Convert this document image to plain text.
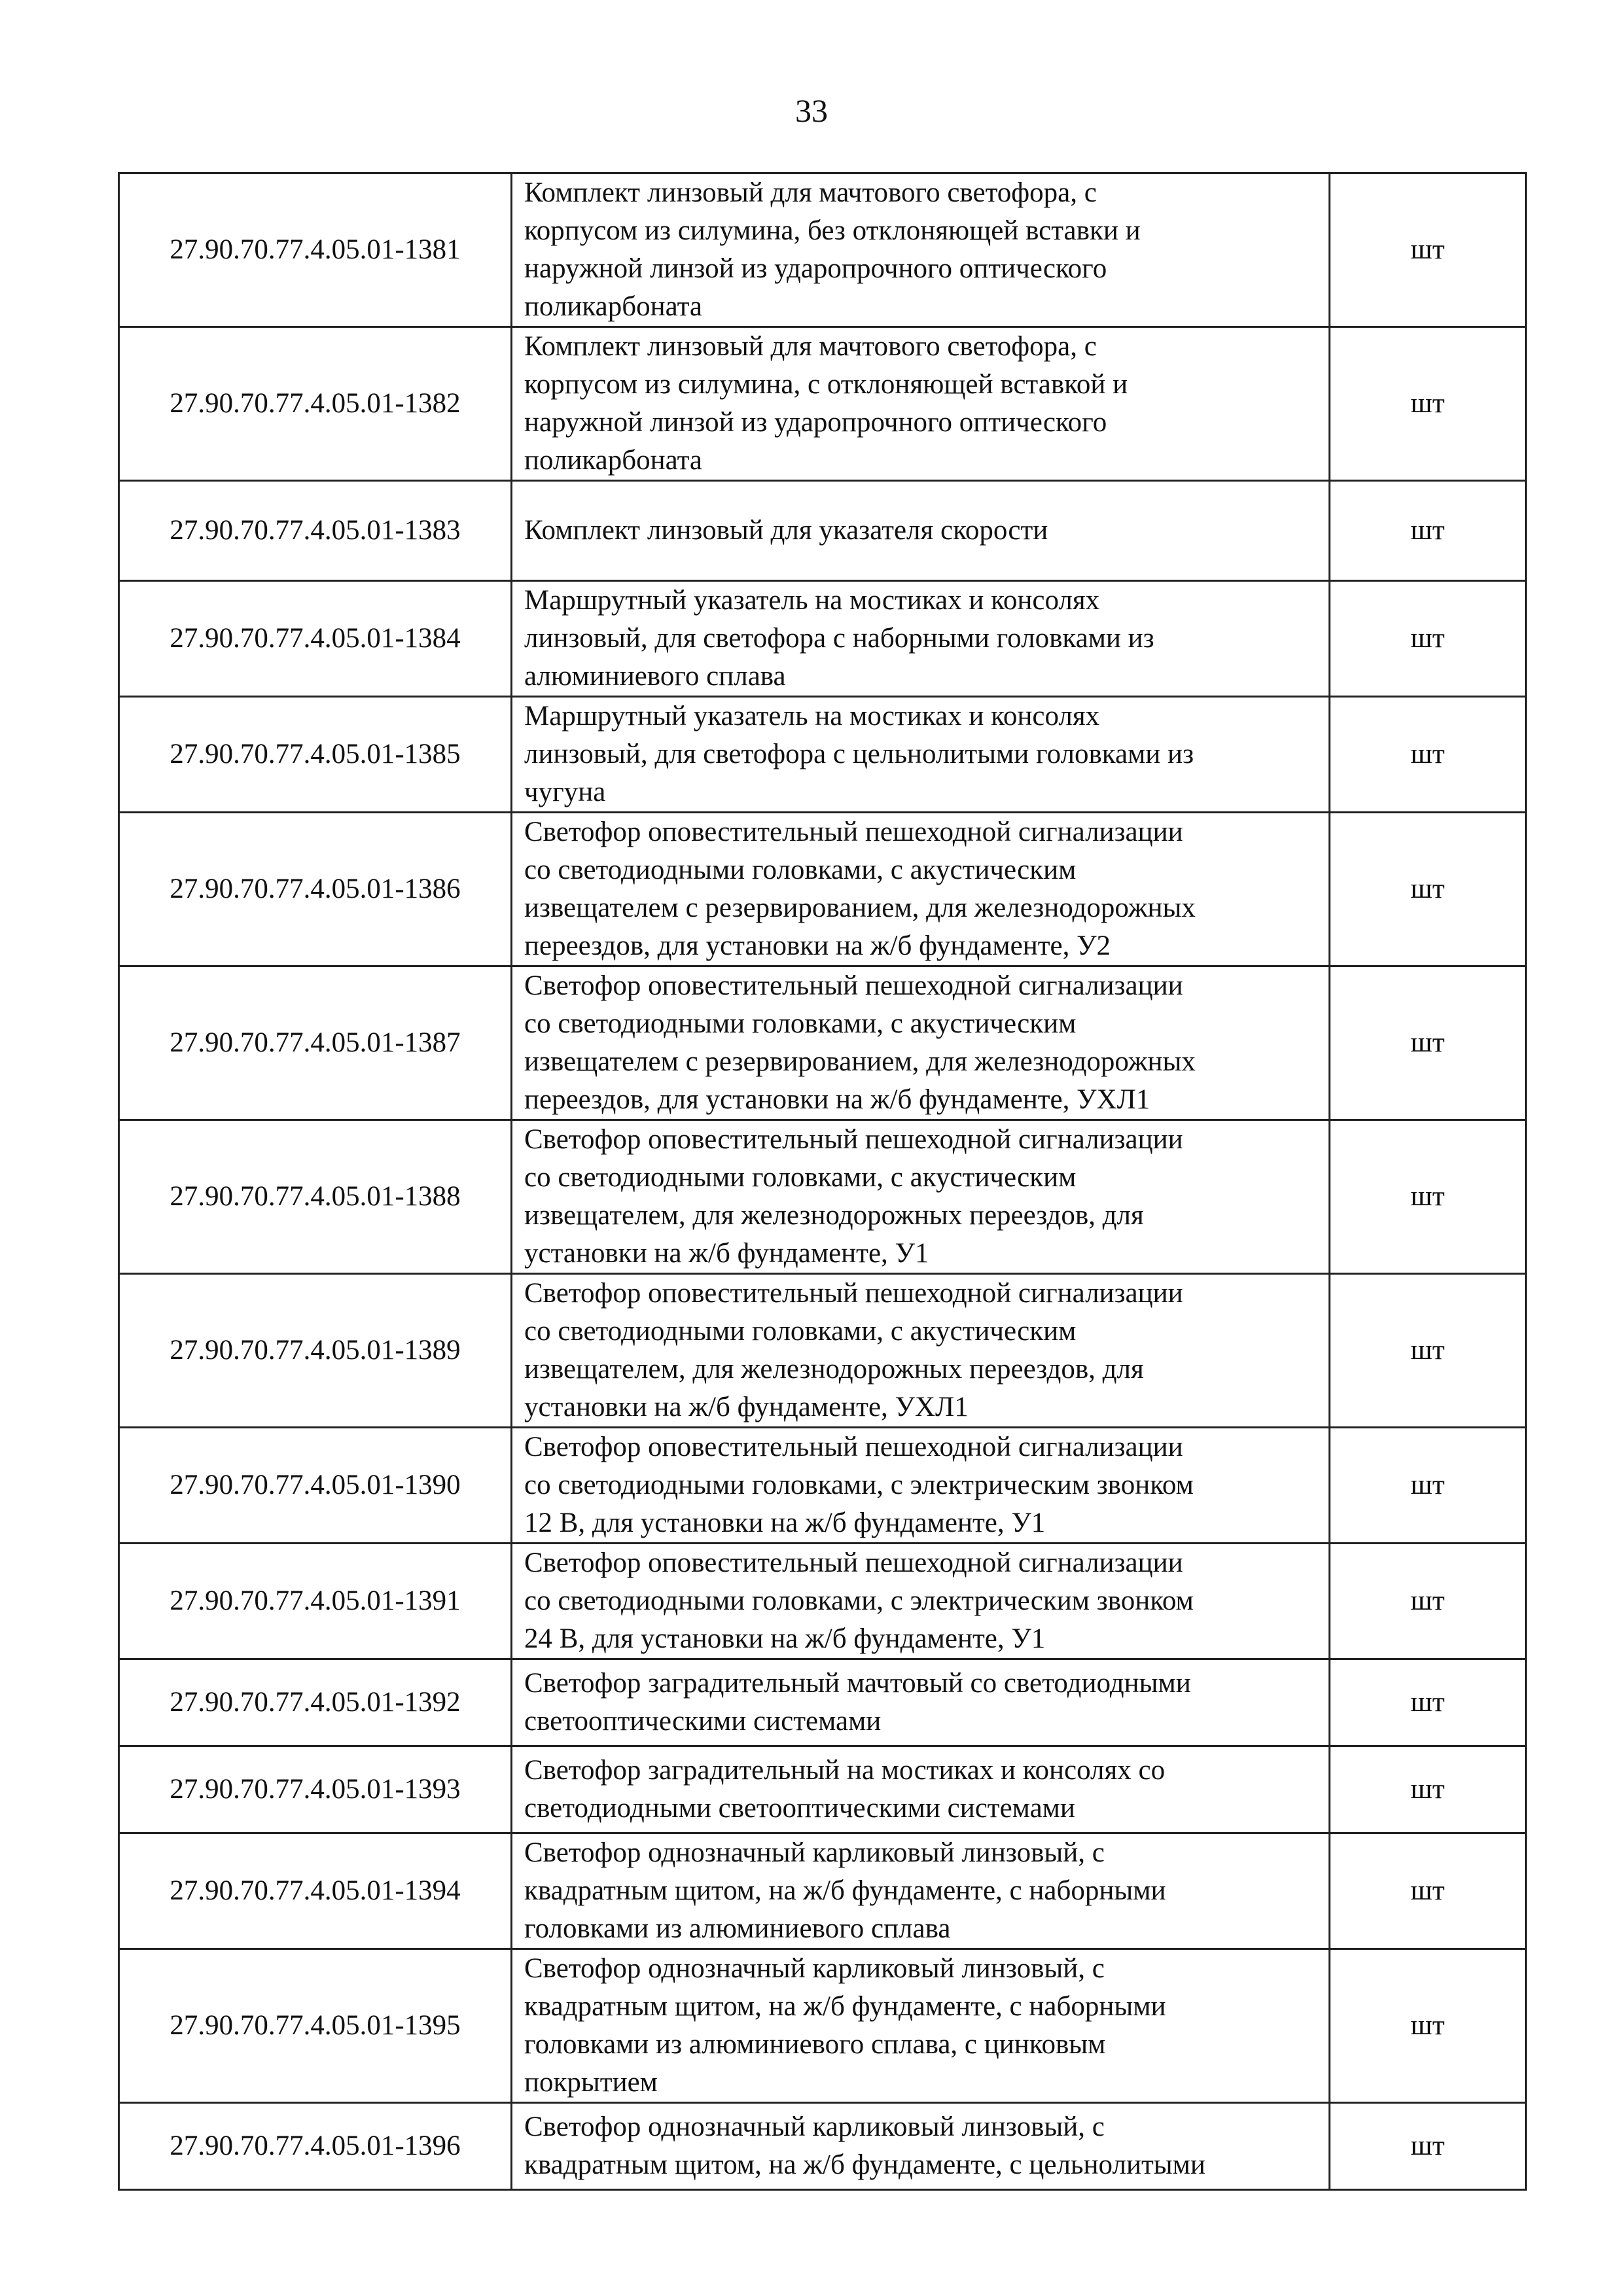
33
27.90.70.77.4.05.01-1381	Комплект линзовый для мачтового светофора, с
корпусом из силумина, без отклоняющей вставки и
наружной линзой из ударопрочного оптического
поликарбоната	шт
27.90.70.77.4.05.01-1382	Комплект линзовый для мачтового светофора, с
корпусом из силумина, с отклоняющей вставкой и
наружной линзой из ударопрочного оптического
поликарбоната	шт
27.90.70.77.4.05.01-1383	Комплект линзовый для указателя скорости	шт
27.90.70.77.4.05.01-1384	Маршрутный указатель на мостиках и консолях
линзовый, для светофора с наборными головками из
алюминиевого сплава	шт
27.90.70.77.4.05.01-1385	Маршрутный указатель на мостиках и консолях
линзовый, для светофора с цельнолитыми головками из
чугуна	шт
27.90.70.77.4.05.01-1386	Светофор оповестительный пешеходной сигнализации
со светодиодными головками, с акустическим
извещателем с резервированием, для железнодорожных
переездов, для установки на ж/б фундаменте, У2	шт
27.90.70.77.4.05.01-1387	Светофор оповестительный пешеходной сигнализации
со светодиодными головками, с акустическим
извещателем с резервированием, для железнодорожных
переездов, для установки на ж/б фундаменте, УХЛ1	шт
27.90.70.77.4.05.01-1388	Светофор оповестительный пешеходной сигнализации
со светодиодными головками, с акустическим
извещателем, для железнодорожных переездов, для
установки на ж/б фундаменте, У1	шт
27.90.70.77.4.05.01-1389	Светофор оповестительный пешеходной сигнализации
со светодиодными головками, с акустическим
извещателем, для железнодорожных переездов, для
установки на ж/б фундаменте, УХЛ1	шт
27.90.70.77.4.05.01-1390	Светофор оповестительный пешеходной сигнализации
со светодиодными головками, с электрическим звонком
12 В, для установки на ж/б фундаменте, У1	шт
27.90.70.77.4.05.01-1391	Светофор оповестительный пешеходной сигнализации
со светодиодными головками, с электрическим звонком
24 В, для установки на ж/б фундаменте, У1	шт
27.90.70.77.4.05.01-1392	Светофор заградительный мачтовый со светодиодными
светооптическими системами	шт
27.90.70.77.4.05.01-1393	Светофор заградительный на мостиках и консолях со
светодиодными светооптическими системами	шт
27.90.70.77.4.05.01-1394	Светофор однозначный карликовый линзовый, с
квадратным щитом, на ж/б фундаменте, с наборными
головками из алюминиевого сплава	шт
27.90.70.77.4.05.01-1395	Светофор однозначный карликовый линзовый, с
квадратным щитом, на ж/б фундаменте, с наборными
головками из алюминиевого сплава, с цинковым
покрытием	шт
27.90.70.77.4.05.01-1396	Светофор однозначный карликовый линзовый, с
квадратным щитом, на ж/б фундаменте, с цельнолитыми	шт
